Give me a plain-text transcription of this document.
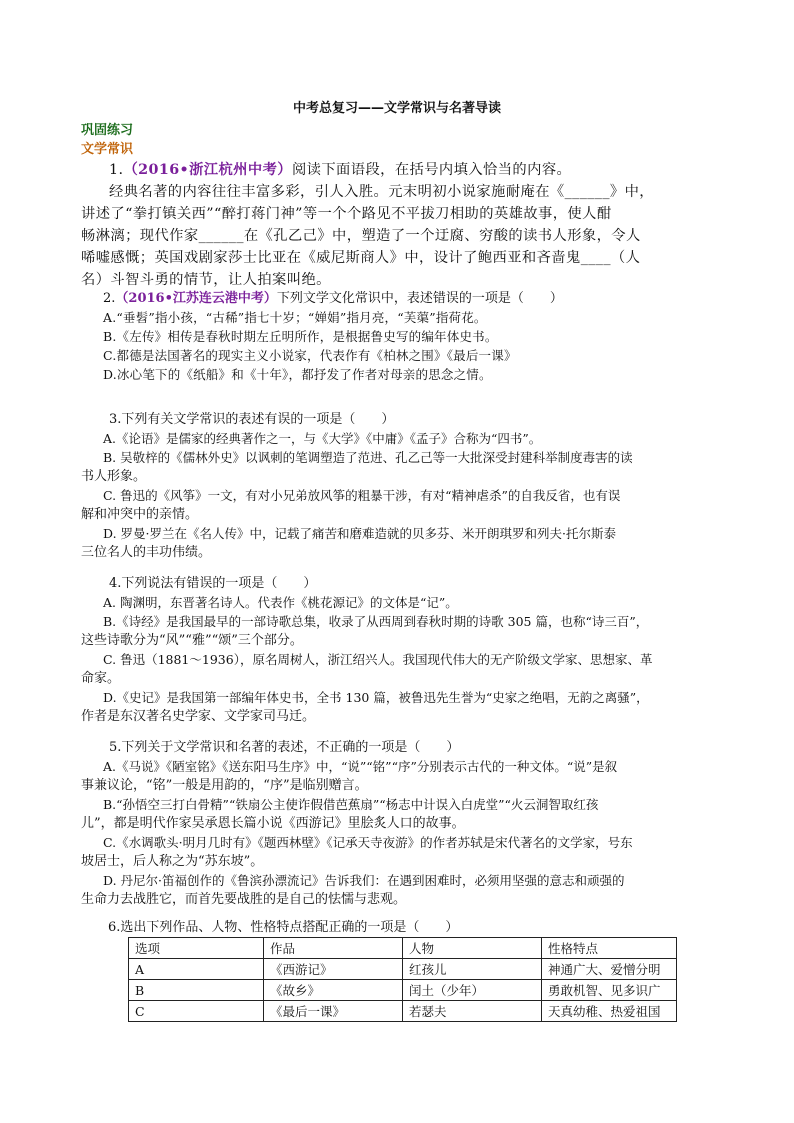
中考总复习——文学常识与名著导读
巩固练习
文学常识

1.（2016•浙江杭州中考）阅读下面语段，在括号内填入恰当的内容。

经典名著的内容往往丰富多彩，引人入胜。元末明初小说家施耐庵在《______》中，

讲述了“拳打镇关西”“醉打蒋门神”等一个个路见不平拔刀相助的英雄故事，使人酣

畅淋漓；现代作家______在《孔乙己》中，塑造了一个迂腐、穷酸的读书人形象，令人

唏嘘感慨；英国戏剧家莎士比亚在《威尼斯商人》中，设计了鲍西亚和吝啬鬼____（人

名）斗智斗勇的情节，让人拍案叫绝。

2.（2016•江苏连云港中考）下列文学文化常识中，表述错误的一项是（　　）

A.“垂髫”指小孩，“古稀”指七十岁；“婵娟”指月亮，“芙蕖”指荷花。

B.《左传》相传是春秋时期左丘明所作，是根据鲁史写的编年体史书。

C.都德是法国著名的现实主义小说家，代表作有《柏林之围》《最后一课》

D.冰心笔下的《纸船》和《十年》，都抒发了作者对母亲的思念之情。

3.下列有关文学常识的表述有误的一项是（　　）

A.《论语》是儒家的经典著作之一，与《大学》《中庸》《孟子》合称为“四书”。

B. 吴敬梓的《儒林外史》以讽刺的笔调塑造了范进、孔乙己等一大批深受封建科举制度毒害的读

书人形象。

C. 鲁迅的《风筝》一文，有对小兄弟放风筝的粗暴干涉，有对“精神虐杀”的自我反省，也有误

解和冲突中的亲情。

D. 罗曼·罗兰在《名人传》中，记载了痛苦和磨难造就的贝多芬、米开朗琪罗和列夫·托尔斯泰

三位名人的丰功伟绩。

4.下列说法有错误的一项是（　　）

A. 陶渊明，东晋著名诗人。代表作《桃花源记》的文体是“记”。

B.《诗经》是我国最早的一部诗歌总集，收录了从西周到春秋时期的诗歌 305 篇，也称“诗三百”，

这些诗歌分为“风”“雅”“颂”三个部分。

C. 鲁迅（1881～1936），原名周树人，浙江绍兴人。我国现代伟大的无产阶级文学家、思想家、革

命家。

D.《史记》是我国第一部编年体史书，全书 130 篇，被鲁迅先生誉为“史家之绝唱，无韵之离骚”，

作者是东汉著名史学家、文学家司马迁。

5.下列关于文学常识和名著的表述，不正确的一项是（　　）

A.《马说》《陋室铭》《送东阳马生序》中，“说”“铭”“序”分别表示古代的一种文体。“说”是叙

事兼议论，“铭”一般是用韵的，“序”是临别赠言。

B.“孙悟空三打白骨精”“铁扇公主使诈假借芭蕉扇”“杨志中计误入白虎堂”“火云洞智取红孩

儿”，都是明代作家吴承恩长篇小说《西游记》里脍炙人口的故事。

C.《水调歌头·明月几时有》《题西林壁》《记承天寺夜游》的作者苏轼是宋代著名的文学家，号东

坡居士，后人称之为“苏东坡”。

D. 丹尼尔·笛福创作的《鲁滨孙漂流记》告诉我们：在遇到困难时，必须用坚强的意志和顽强的

生命力去战胜它，而首先要战胜的是自己的怯懦与悲观。

6.选出下列作品、人物、性格特点搭配正确的一项是（　　）

选项	作品	人物	性格特点
A	《西游记》	红孩儿	神通广大、爱憎分明
B	《故乡》	闰土（少年）	勇敢机智、见多识广
C	《最后一课》	若瑟夫	天真幼稚、热爱祖国
